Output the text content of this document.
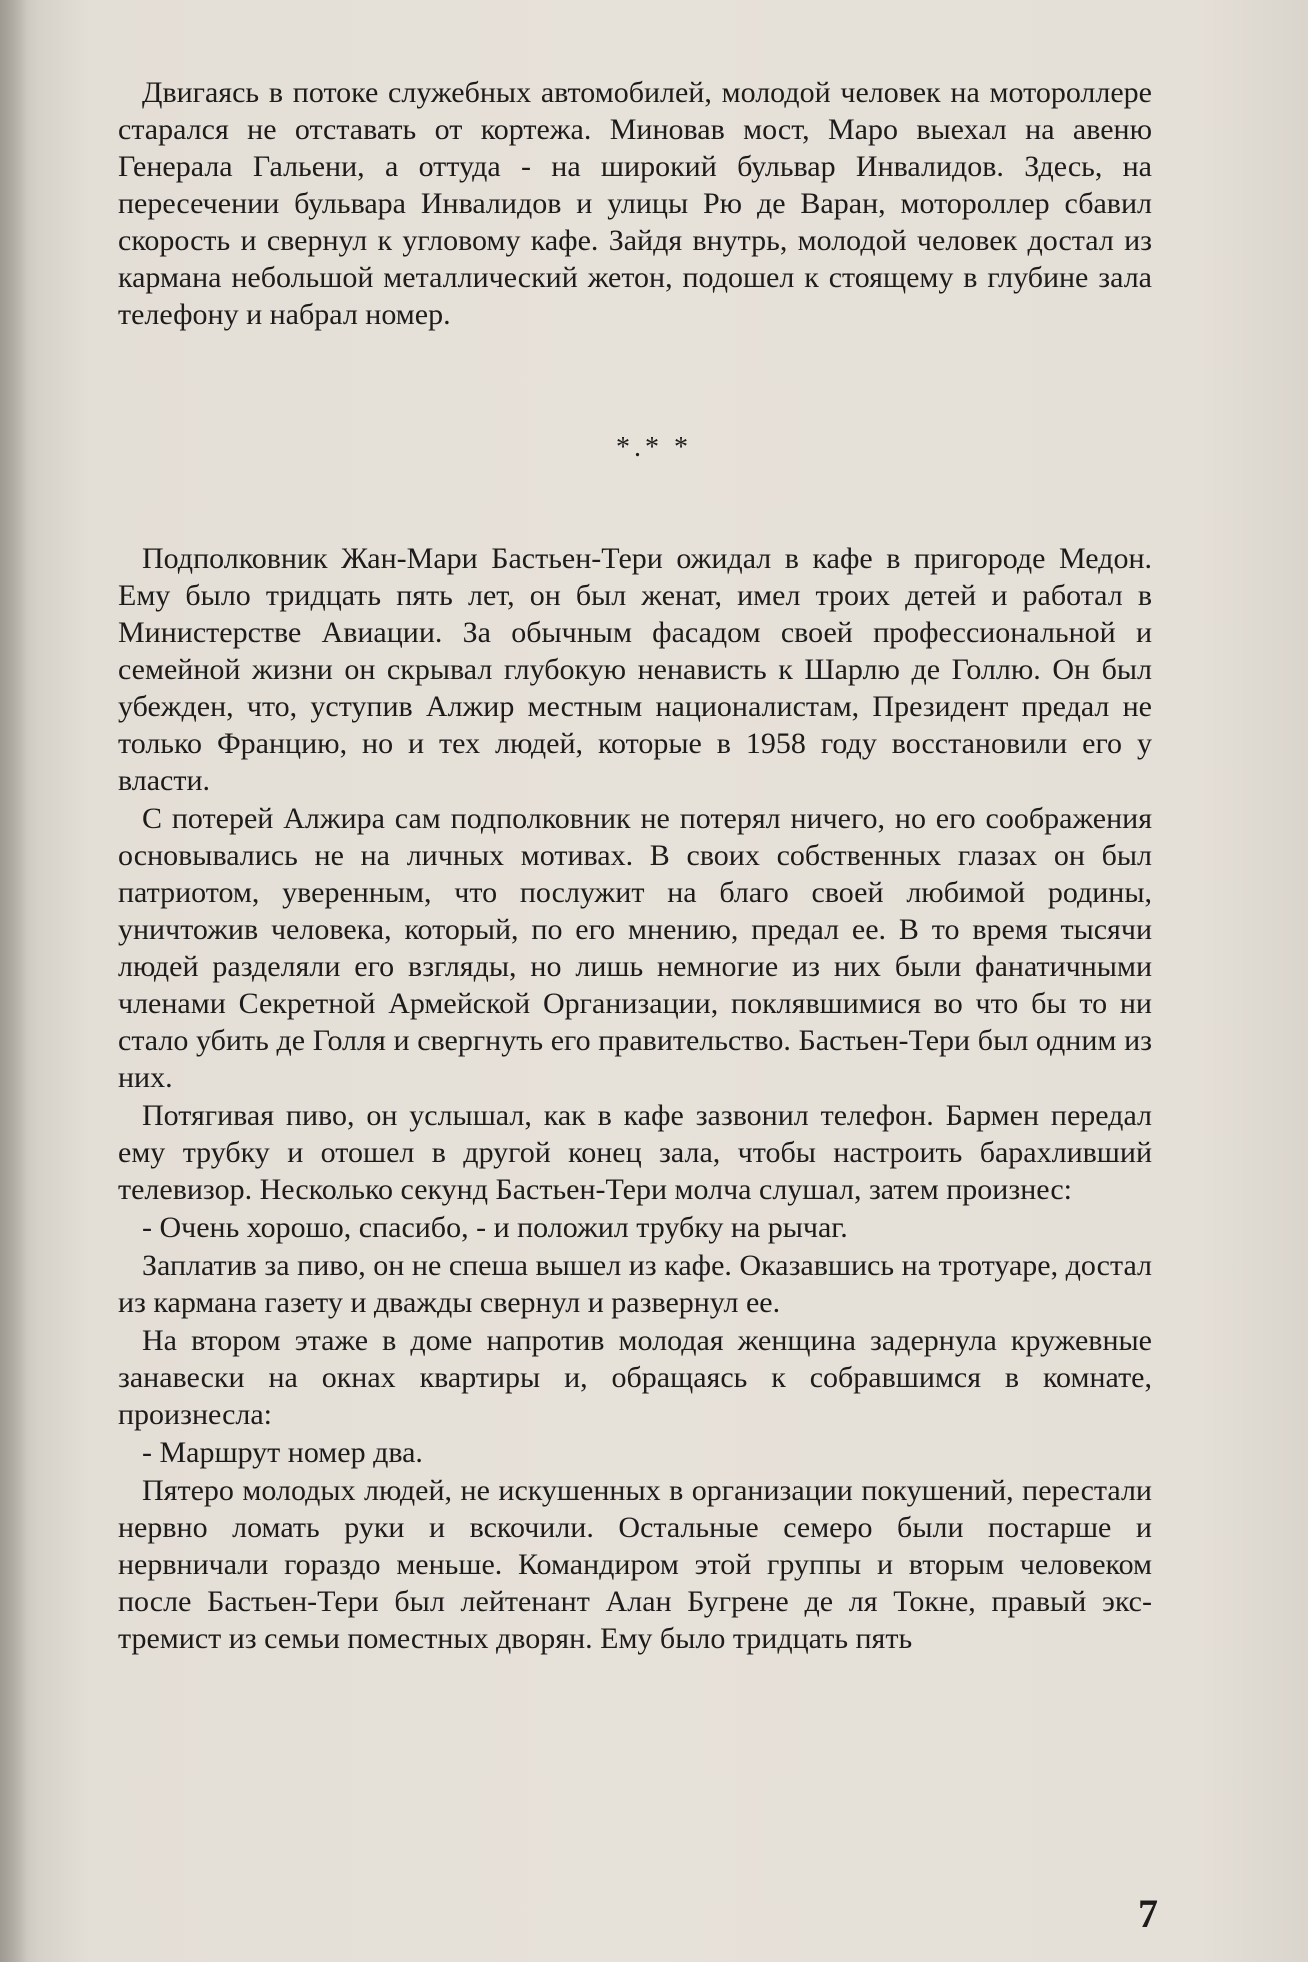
Двигаясь в потоке служебных автомобилей, молодой человек на мотороллере старался не отставать от кортежа. Миновав мост, Маро выехал на авеню Генерала Гальени, а оттуда - на широкий бульвар Инвалидов. Здесь, на пересечении бульвара Инвалидов и улицы Рю де Варан, мотороллер сбавил скорость и свернул к угловому кафе. Зайдя внутрь, молодой человек достал из кармана небольшой металлический жетон, подошел к стоящему в глубине зала телефону и набрал номер.

*.* *

Подполковник Жан-Мари Бастьен-Тери ожидал в кафе в пригороде Медон. Ему было тридцать пять лет, он был женат, имел троих детей и работал в Министерстве Авиации. За обычным фасадом своей профессиональной и семейной жизни он скрывал глубокую ненависть к Шарлю де Голлю. Он был убежден, что, уступив Алжир местным националистам, Президент предал не только Францию, но и тех людей, которые в 1958 году восстановили его у власти.

С потерей Алжира сам подполковник не потерял ничего, но его соображения основывались не на личных мотивах. В своих собственных глазах он был патриотом, уверенным, что послужит на благо своей любимой родины, уничтожив человека, который, по его мнению, предал ее. В то время тысячи людей разделяли его взгляды, но лишь немногие из них были фанатичными членами Секретной Армейской Организации, поклявшимися во что бы то ни стало убить де Голля и свергнуть его правительство. Бастьен-Тери был одним из них.

Потягивая пиво, он услышал, как в кафе зазвонил телефон. Бармен передал ему трубку и отошел в другой конец зала, чтобы настроить барахливший телевизор. Несколько секунд Бастьен-Тери молча слушал, затем произнес:

- Очень хорошо, спасибо, - и положил трубку на рычаг.

Заплатив за пиво, он не спеша вышел из кафе. Оказавшись на тротуаре, достал из кармана газету и дважды свернул и развернул ее.

На втором этаже в доме напротив молодая женщина задернула кружевные занавески на окнах квартиры и, обращаясь к собравшимся в комнате, произнесла:

- Маршрут номер два.

Пятеро молодых людей, не искушенных в организации покушений, перестали нервно ломать руки и вскочили. Остальные семеро были постарше и нервничали гораздо меньше. Командиром этой группы и вторым человеком после Бастьен-Тери был лейтенант Алан Бугрене де ля Токне, правый экстремист из семьи поместных дворян. Ему было тридцать пять

7
